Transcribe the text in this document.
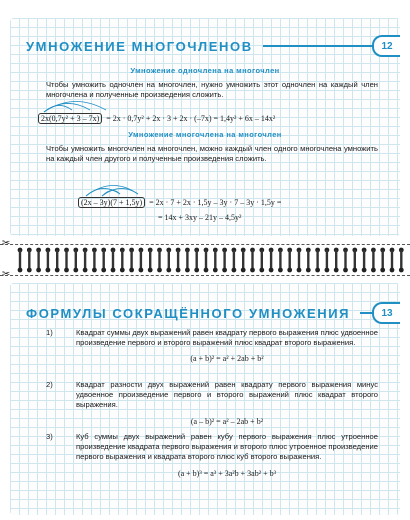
УМНОЖЕНИЕ МНОГОЧЛЕНОВ	12
Умножение одночлена на многочлен
Чтобы умножить одночлен на многочлен, нужно умножить этот одночлен на каждый член многочлена и полученные произведения сложить.
2x(0,7y² + 3 – 7x) = 2x · 0,7y² + 2x · 3 + 2x · (–7x) = 1,4y² + 6x – 14x²
Умножение многочлена на многочлен
Чтобы умножить многочлен на многочлен, можно каждый член одного многочлена умножить на каждый член другого и полученные произведения сложить.
(2x – 3y)(7 + 1,5y) = 2x · 7 + 2x · 1,5y – 3y · 7 – 3y · 1,5y =
= 14x + 3xy – 21y – 4,5y²
✂
✂
ФОРМУЛЫ СОКРАЩЁННОГО УМНОЖЕНИЯ	13
1)	Квадрат суммы двух выражений равен квадрату первого выражения плюс удвоенное произведение первого и второго выражений плюс квадрат второго выражения.
(a + b)² = a² + 2ab + b²
2)	Квадрат разности двух выражений равен квадрату первого выражения минус удвоенное произведение первого и второго выражений плюс квадрат второго выражения.
(a – b)² = a² – 2ab + b²
3)	Куб суммы двух выражений равен кубу первого выражения плюс утроенное произведение квадрата первого выражения и второго плюс утроенное произведение первого выражения и квадрата второго плюс куб второго выражения.
(a + b)³ = a³ + 3a²b + 3ab² + b³
